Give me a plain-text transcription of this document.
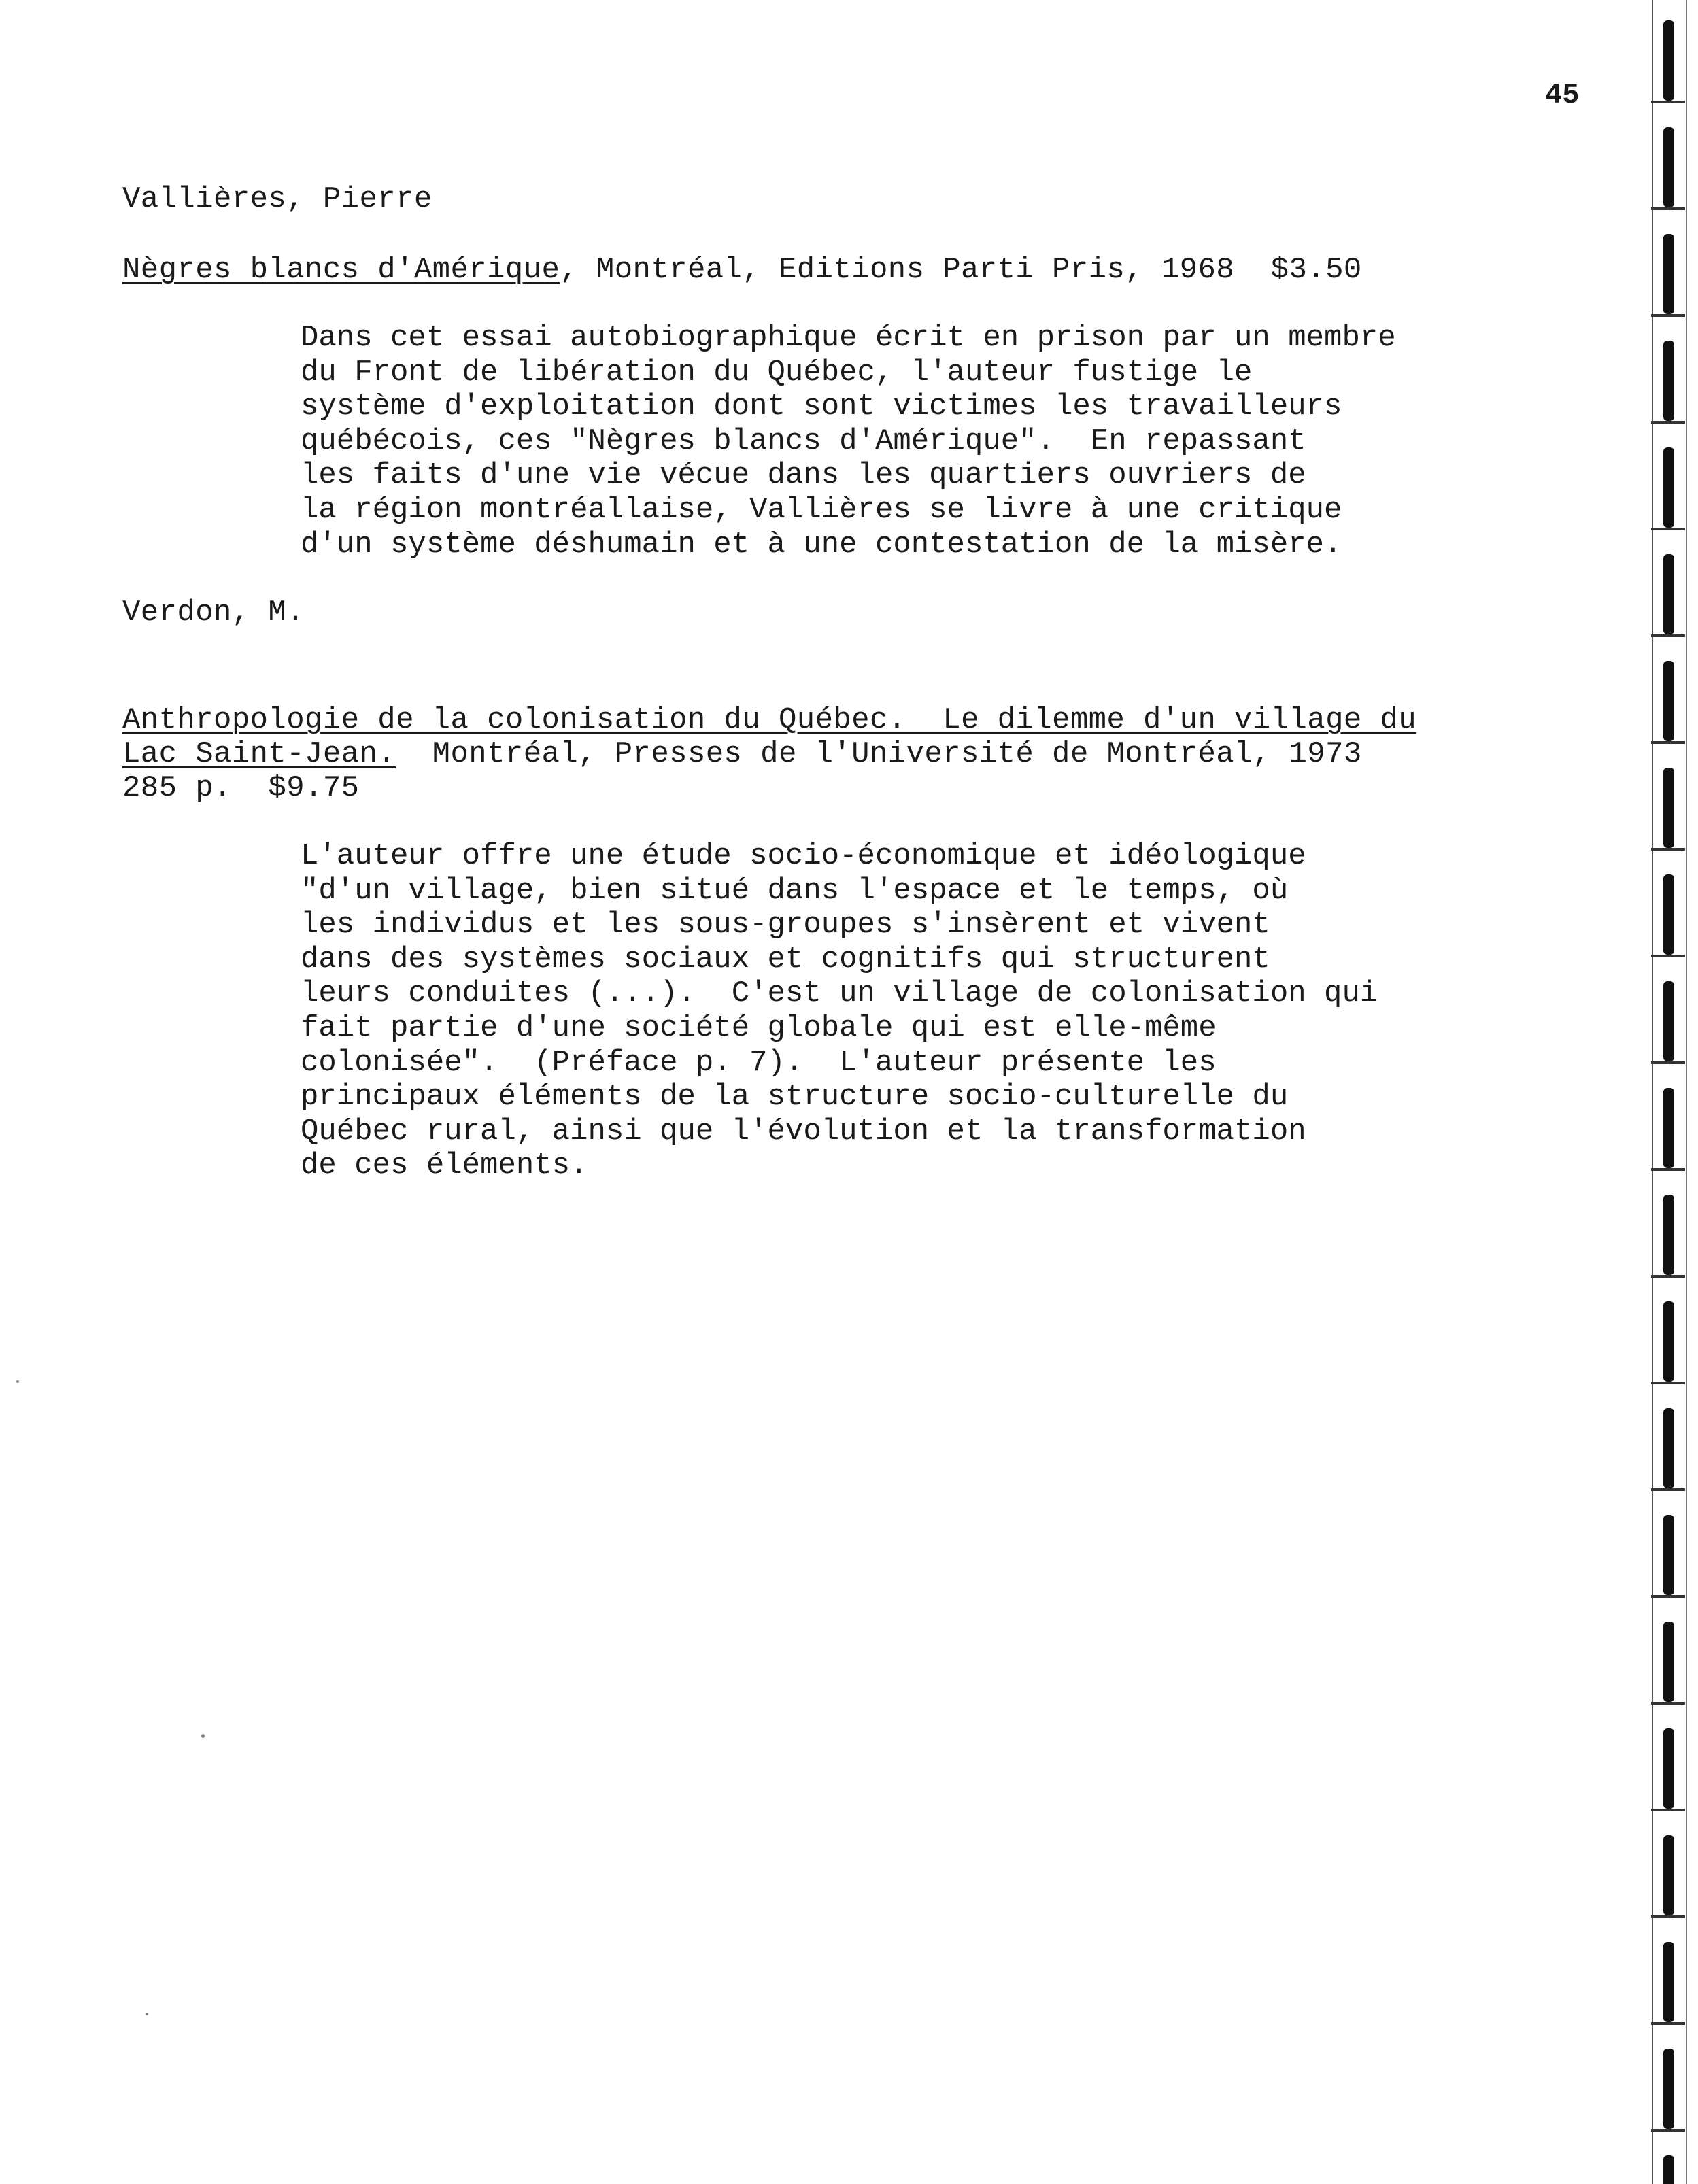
45
Vallières, Pierre
Nègres blancs d'Amérique, Montréal, Editions Parti Pris, 1968  $3.50
Dans cet essai autobiographique écrit en prison par un membre
du Front de libération du Québec, l'auteur fustige le
système d'exploitation dont sont victimes les travailleurs
québécois, ces "Nègres blancs d'Amérique".  En repassant
les faits d'une vie vécue dans les quartiers ouvriers de
la région montréallaise, Vallières se livre à une critique
d'un système déshumain et à une contestation de la misère.
Verdon, M.
Anthropologie de la colonisation du Québec.  Le dilemme d'un village du
Lac Saint-Jean.  Montréal, Presses de l'Université de Montréal, 1973
285 p.  $9.75
L'auteur offre une étude socio-économique et idéologique
"d'un village, bien situé dans l'espace et le temps, où
les individus et les sous-groupes s'insèrent et vivent
dans des systèmes sociaux et cognitifs qui structurent
leurs conduites (...).  C'est un village de colonisation qui
fait partie d'une société globale qui est elle-même
colonisée".  (Préface p. 7).  L'auteur présente les
principaux éléments de la structure socio-culturelle du
Québec rural, ainsi que l'évolution et la transformation
de ces éléments.
